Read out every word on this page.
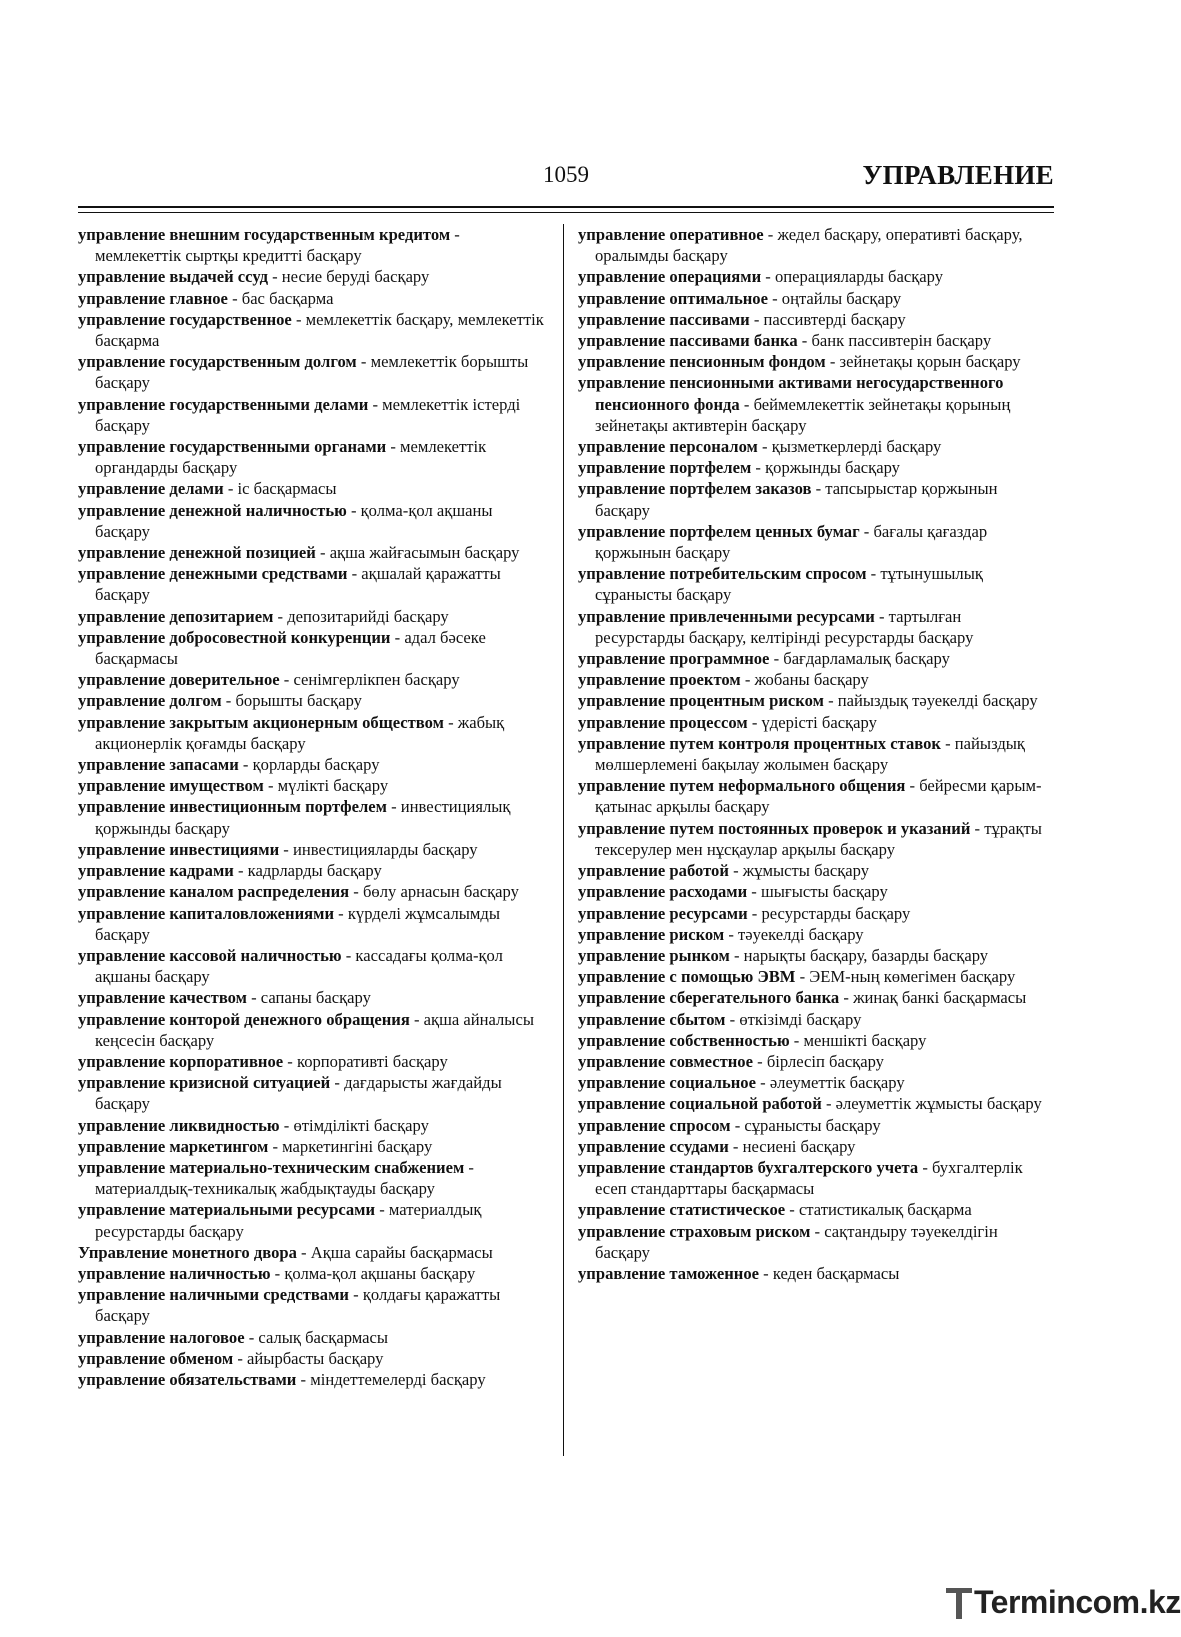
1059	УПРАВЛЕНИЕ

управление внешним государственным кредитом- мемлекеттік сыртқы кредитті басқару

управление выдачей ссуд - несие беруді басқару

управление главное - бас басқарма

управление государственное - мемлекеттік басқару, мемлекеттік басқарма

управление государственным долгом - мемлекеттік борышты басқару

управление государственными делами - мемлекеттік істерді басқару

управление государственными органами - мемлекеттік органдарды басқару

управление делами - іс басқармасы

управление денежной наличностью - қолма-қол ақшаны басқару

управление денежной позицией - ақша жайғасымын басқару

управление денежными средствами - ақшалай қаражатты басқару

управление депозитарием - депозитарийді басқару

управление добросовестной конкуренции - адал бәсеке басқармасы

управление доверительное - сенімгерлікпен басқару

управление долгом - борышты басқару

управление закрытым акционерным обществом - жабық акционерлік қоғамды басқару

управление запасами - қорларды басқару

управление имуществом - мүлікті басқару

управление инвестиционным портфелем - инвестициялық қоржынды басқару

управление инвестициями - инвестицияларды басқару

управление кадрами - кадрларды басқару

управление каналом распределения - бөлу арнасын басқару

управление капиталовложениями - күрделі жұмсалымды басқару

управление кассовой наличностью - кассадағы қолма-қол ақшаны басқару

управление качеством - сапаны басқару

управление конторой денежного обращения - ақша айналысы кеңсесін басқару

управление корпоративное - корпоративті басқару

управление кризисной ситуацией - дағдарысты жағдайды басқару

управление ликвидностью - өтімділікті басқару

управление маркетингом - маркетингіні басқару

управление материально-техническим снабжением- материалдық-техникалық жабдықтауды басқару

управление материальными ресурсами - материалдық ресурстарды басқару

Управление монетного двора - Ақша сарайы басқармасы

управление наличностью - қолма-қол ақшаны басқару

управление наличными средствами - қолдағы қаражатты басқару

управление налоговое - салық басқармасы

управление обменом - айырбасты басқару

управление обязательствами - міндеттемелерді басқару

управление оперативное - жедел басқару, оперативті басқару, оралымды басқару

управление операциями - операцияларды басқару

управление оптимальное - оңтайлы басқару

управление пассивами - пассивтерді басқару

управление пассивами банка - банк пассивтерін басқару

управление пенсионным фондом - зейнетақы қорын басқару

управление пенсионными активами негосударственного пенсионного фонда - беймемлекеттік зейнетақы қорының зейнетақы активтерін басқару

управление персоналом - қызметкерлерді басқару

управление портфелем - қоржынды басқару

управление портфелем заказов - тапсырыстар қоржынын басқару

управление портфелем ценных бумаг - бағалы қағаздар қоржынын басқару

управление потребительским спросом - тұтынушылық сұранысты басқару

управление привлеченными ресурсами - тартылған ресурстарды басқару, келтірінді ресурстарды басқару

управление программное - бағдарламалық басқару

управление проектом - жобаны басқару

управление процентным риском - пайыздық тәуекелді басқару

управление процессом - үдерісті басқару

управление путем контроля процентных ставок - пайыздық мөлшерлемені бақылау жолымен басқару

управление путем неформального общения - бейресми қарым-қатынас арқылы басқару

управление путем постоянных проверок и указаний- тұрақты тексерулер мен нұсқаулар арқылы басқару

управление работой - жұмысты басқару

управление расходами - шығысты басқару

управление ресурсами - ресурстарды басқару

управление риском - тәуекелді басқару

управление рынком - нарықты басқару, базарды басқару

управление с помощью ЭВМ - ЭЕМ-ның көмегімен басқару

управление сберегательного банка - жинақ банкі басқармасы

управление сбытом - өткізімді басқару

управление собственностью - меншікті басқару

управление совместное - бірлесіп басқару

управление социальное - әлеуметтік басқару

управление социальной работой - әлеуметтік жұмысты басқару

управление спросом - сұранысты басқару

управление ссудами - несиені басқару

управление стандартов бухгалтерского учета - бухгалтерлік есеп стандарттары басқармасы

управление статистическое - статистикалық басқарма

управление страховым риском - сақтандыру тәуекелдігін басқару

управление таможенное - кеден басқармасы

Termincom.kz
